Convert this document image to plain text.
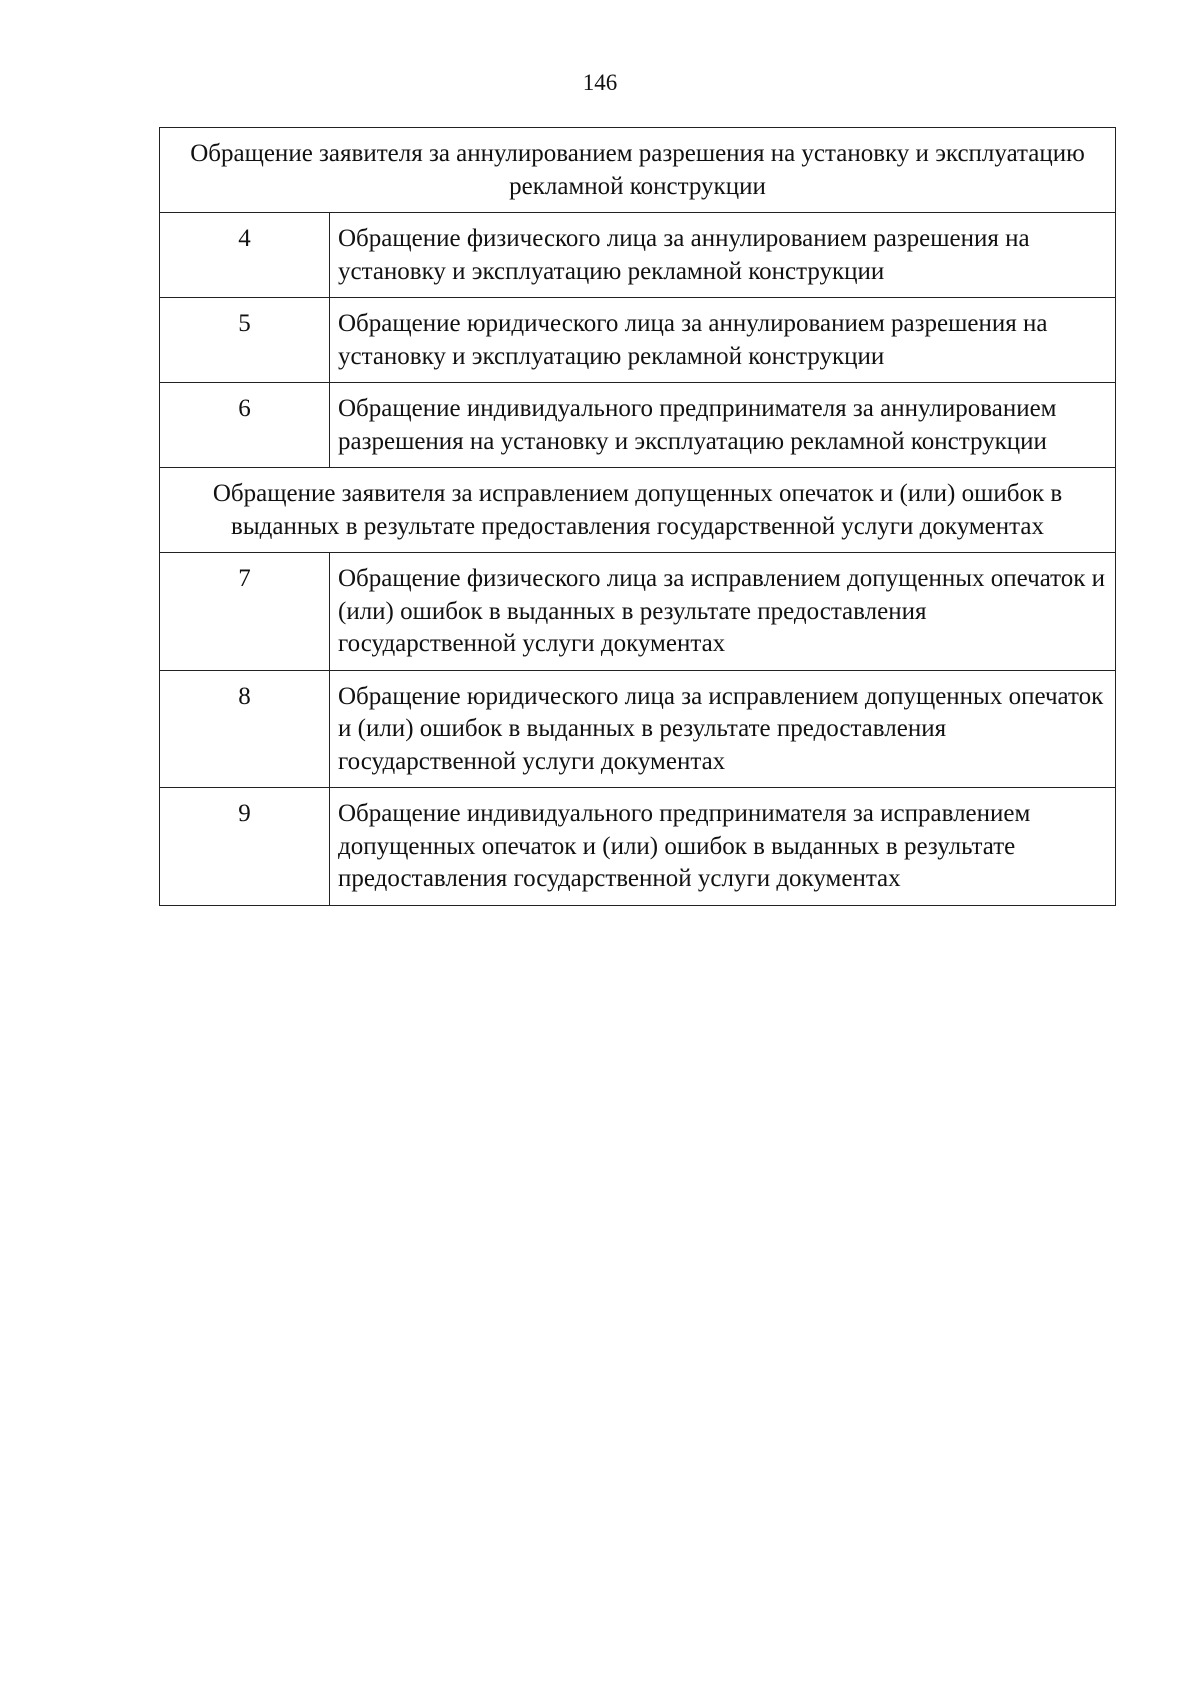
146
Обращение заявителя за аннулированием разрешения на установку и эксплуатацию рекламной конструкции	
4	Обращение физического лица за аннулированием разрешения на установку и эксплуатацию рекламной конструкции
5	Обращение юридического лица за аннулированием разрешения на установку и эксплуатацию рекламной конструкции
6	Обращение индивидуального предпринимателя за аннулированием разрешения на установку и эксплуатацию рекламной конструкции
Обращение заявителя за исправлением допущенных опечаток и (или) ошибок в выданных в результате предоставления государственной услуги документах	
7	Обращение физического лица за исправлением допущенных опечаток и (или) ошибок в выданных в результате предоставления государственной услуги документах
8	Обращение юридического лица за исправлением допущенных опечаток и (или) ошибок в выданных в результате предоставления государственной услуги документах
9	Обращение индивидуального предпринимателя за исправлением допущенных опечаток и (или) ошибок в выданных в результате предоставления государственной услуги документах
